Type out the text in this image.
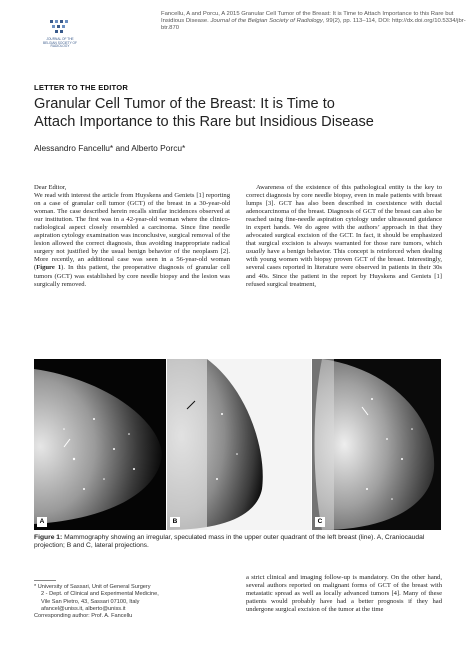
JOURNAL OF THE BELGIAN SOCIETY OF RADIOLOGY
Fancellu, A and Porcu, A 2015 Granular Cell Tumor of the Breast: It is Time to Attach Importance to this Rare but Insidious Disease. Journal of the Belgian Society of Radiology, 99(2), pp. 113–114, DOI: http://dx.doi.org/10.5334/jbr-btr.870
LETTER TO THE EDITOR
Granular Cell Tumor of the Breast: It is Time to
Attach Importance to this Rare but Insidious Disease
Alessandro Fancellu* and Alberto Porcu*

Dear Editor,

We read with interest the article from Huyskens and Geniets [1] reporting on a case of granular cell tumor (GCT) of the breast in a 30-year-old woman. The case described herein recalls similar incidences observed at our institution. The first was in a 42-year-old woman where the clinico-radiological aspect closely resembled a carcinoma. Since fine needle aspiration cytology examination was inconclusive, surgical removal of the lesion allowed the correct diagnosis, thus avoiding inappropriate radical surgery not justified by the usual benign behavior of the neoplasm [2]. More recently, an additional case was seen in a 56-year-old woman (Figure 1). In this patient, the preoperative diagnosis of granular cell tumors (GCT) was established by core needle biopsy and the lesion was surgically removed.

Awareness of the existence of this pathological entity is the key to correct diagnosis by core needle biopsy, even in male patients with breast lumps [3]. GCT has also been described in coexistence with ductal adenocarcinoma of the breast. Diagnosis of GCT of the breast can also be reached using fine-needle aspiration cytology under ultrasound guidance in expert hands. We do agree with the authors’ approach in that they advocated surgical excision of the GCT. In fact, it should be emphasized that surgical excision is always warranted for those rare tumors, which usually have a benign behavior. This concept is reinforced when dealing with young women with biopsy proven GCT of the breast. Interestingly, several cases reported in literature were observed in patients in their 30s and 40s. Since the patient in the report by Huyskens and Geniets [1] refused surgical treatment,

A	B	C
Figure 1: Mammography showing an irregular, speculated mass in the upper outer quadrant of the left breast (line). A, Craniocaudal projection; B and C, lateral projections.
* University of Sassari, Unit of General Surgery
2 - Dept. of Clinical and Experimental Medicine,
Vile San Pietro, 43, Sassari 07100, Italy
afancel@uniss.it, alberto@uniss.it
Corresponding author: Prof. A. Fancellu

a strict clinical and imaging follow-up is mandatory. On the other hand, several authors reported on malignant forms of GCT of the breast with metastatic spread as well as locally advanced tumors [4]. Many of these patients would probably have had a better prognosis if they had undergone surgical excision of the tumor at the time
